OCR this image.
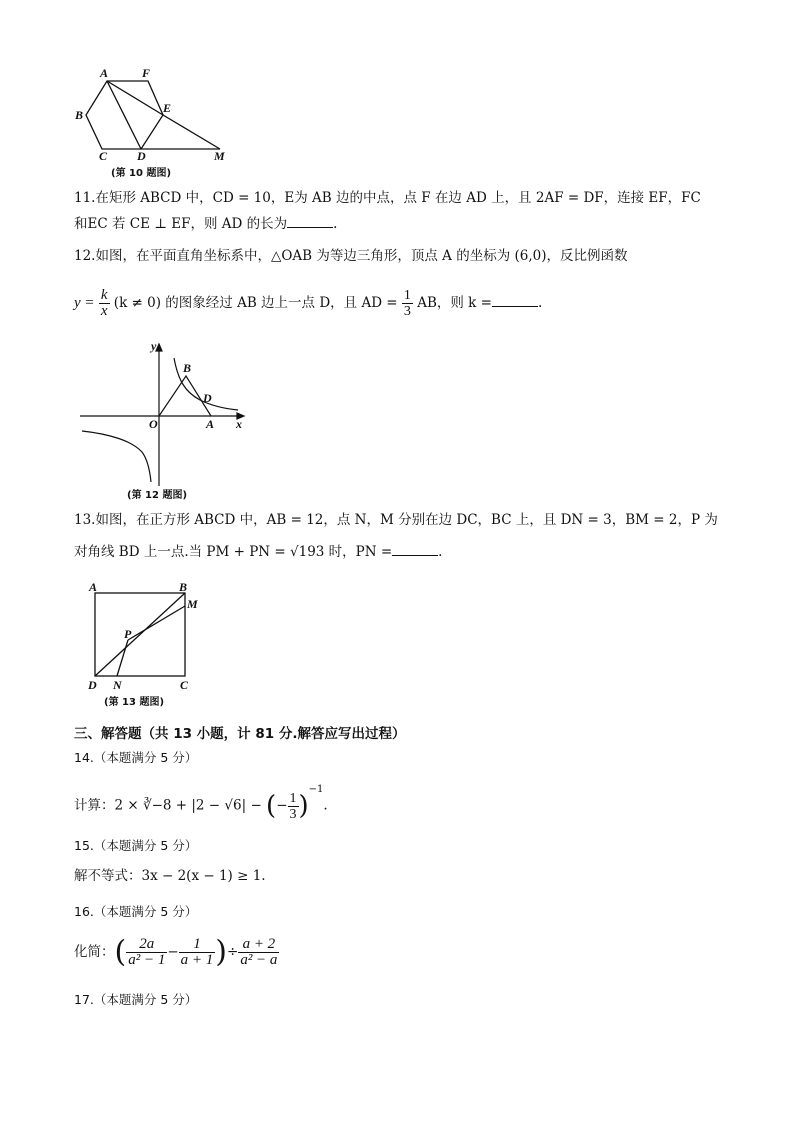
A	F
B	E
C D	M
(第 10 题图)
11.在矩形 ABCD 中，CD = 10，E为 AB 边的中点，点 F 在边 AD 上，且 2AF = DF，连接 EF，FC
和EC 若 CE ⊥ EF，则 AD 的长为	.
12.如图，在平面直角坐标系中，△OAB 为等边三角形，顶点 A 的坐标为 (6,0)，反比例函数
$y = \frac{k}{x} (k \ne 0)$ 的图象经过 AB 边上一点 D，且 AD = $\frac{1}{3}$ AB，则 k =	.
y
B
D
O	A x
(第 12 题图)
13.如图，在正方形 ABCD 中，AB = 12，点 N，M 分别在边 DC，BC 上，且 DN = 3，BM = 2，P 为
对角线 BD 上一点.当 PM + PN = √193 时，PN =	.
A	B
M
P
D N	C
(第 13 题图)
三、解答题（共 13 小题，计 81 分.解答应写出过程）
14.（本题满分 5 分）
计算：2 × ∛−8 + |2 − √6| − (− $\frac{1}{3} )^{-1}$.
15.（本题满分 5 分）
解不等式：3x − 2(x − 1) ≥ 1.
16.（本题满分 5 分）
化简：( $\frac{2a}{\text{a² − 1}} - \frac{1}{a + 1}$ )÷ $\frac{a + 2}{\text{a² − a}}$
17.（本题满分 5 分）
